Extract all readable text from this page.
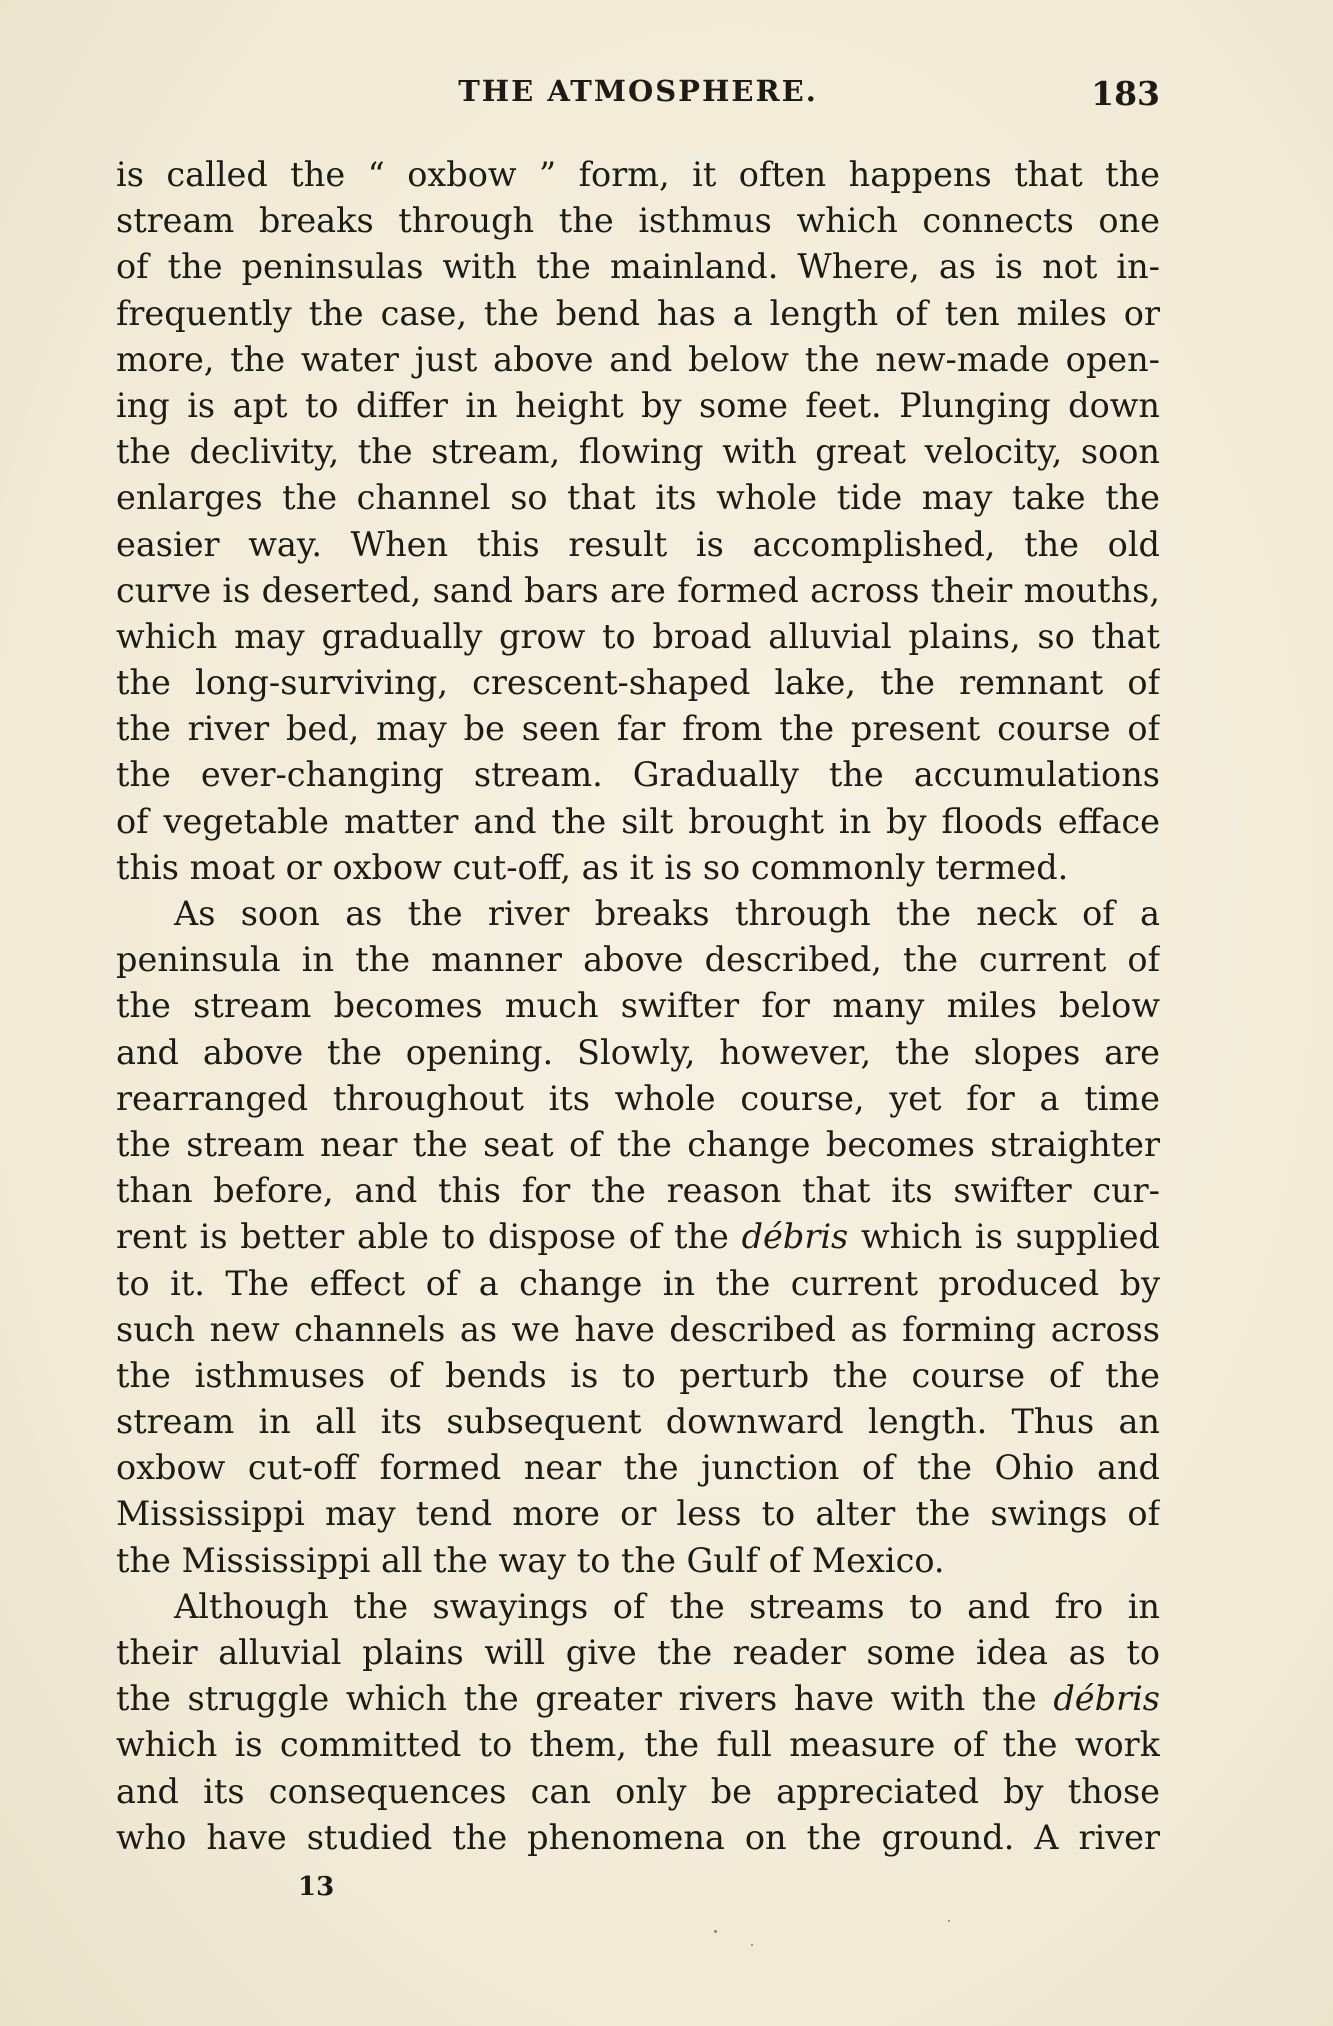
THE ATMOSPHERE.	183
is called the “ oxbow ” form, it often happens that the
stream breaks through the isthmus which connects one
of the peninsulas with the mainland. Where, as is not in-
frequently the case, the bend has a length of ten miles or
more, the water just above and below the new-made open-
ing is apt to differ in height by some feet. Plunging down
the declivity, the stream, flowing with great velocity, soon
enlarges the channel so that its whole tide may take the
easier way. When this result is accomplished, the old
curve is deserted, sand bars are formed across their mouths,
which may gradually grow to broad alluvial plains, so that
the long-surviving, crescent-shaped lake, the remnant of
the river bed, may be seen far from the present course of
the ever-changing stream. Gradually the accumulations
of vegetable matter and the silt brought in by floods efface
this moat or oxbow cut-off, as it is so commonly termed.
As soon as the river breaks through the neck of a
peninsula in the manner above described, the current of
the stream becomes much swifter for many miles below
and above the opening. Slowly, however, the slopes are
rearranged throughout its whole course, yet for a time
the stream near the seat of the change becomes straighter
than before, and this for the reason that its swifter cur-
rent is better able to dispose of the débris which is supplied
to it. The effect of a change in the current produced by
such new channels as we have described as forming across
the isthmuses of bends is to perturb the course of the
stream in all its subsequent downward length. Thus an
oxbow cut-off formed near the junction of the Ohio and
Mississippi may tend more or less to alter the swings of
the Mississippi all the way to the Gulf of Mexico.
Although the swayings of the streams to and fro in
their alluvial plains will give the reader some idea as to
the struggle which the greater rivers have with the débris
which is committed to them, the full measure of the work
and its consequences can only be appreciated by those
who have studied the phenomena on the ground. A river
13
